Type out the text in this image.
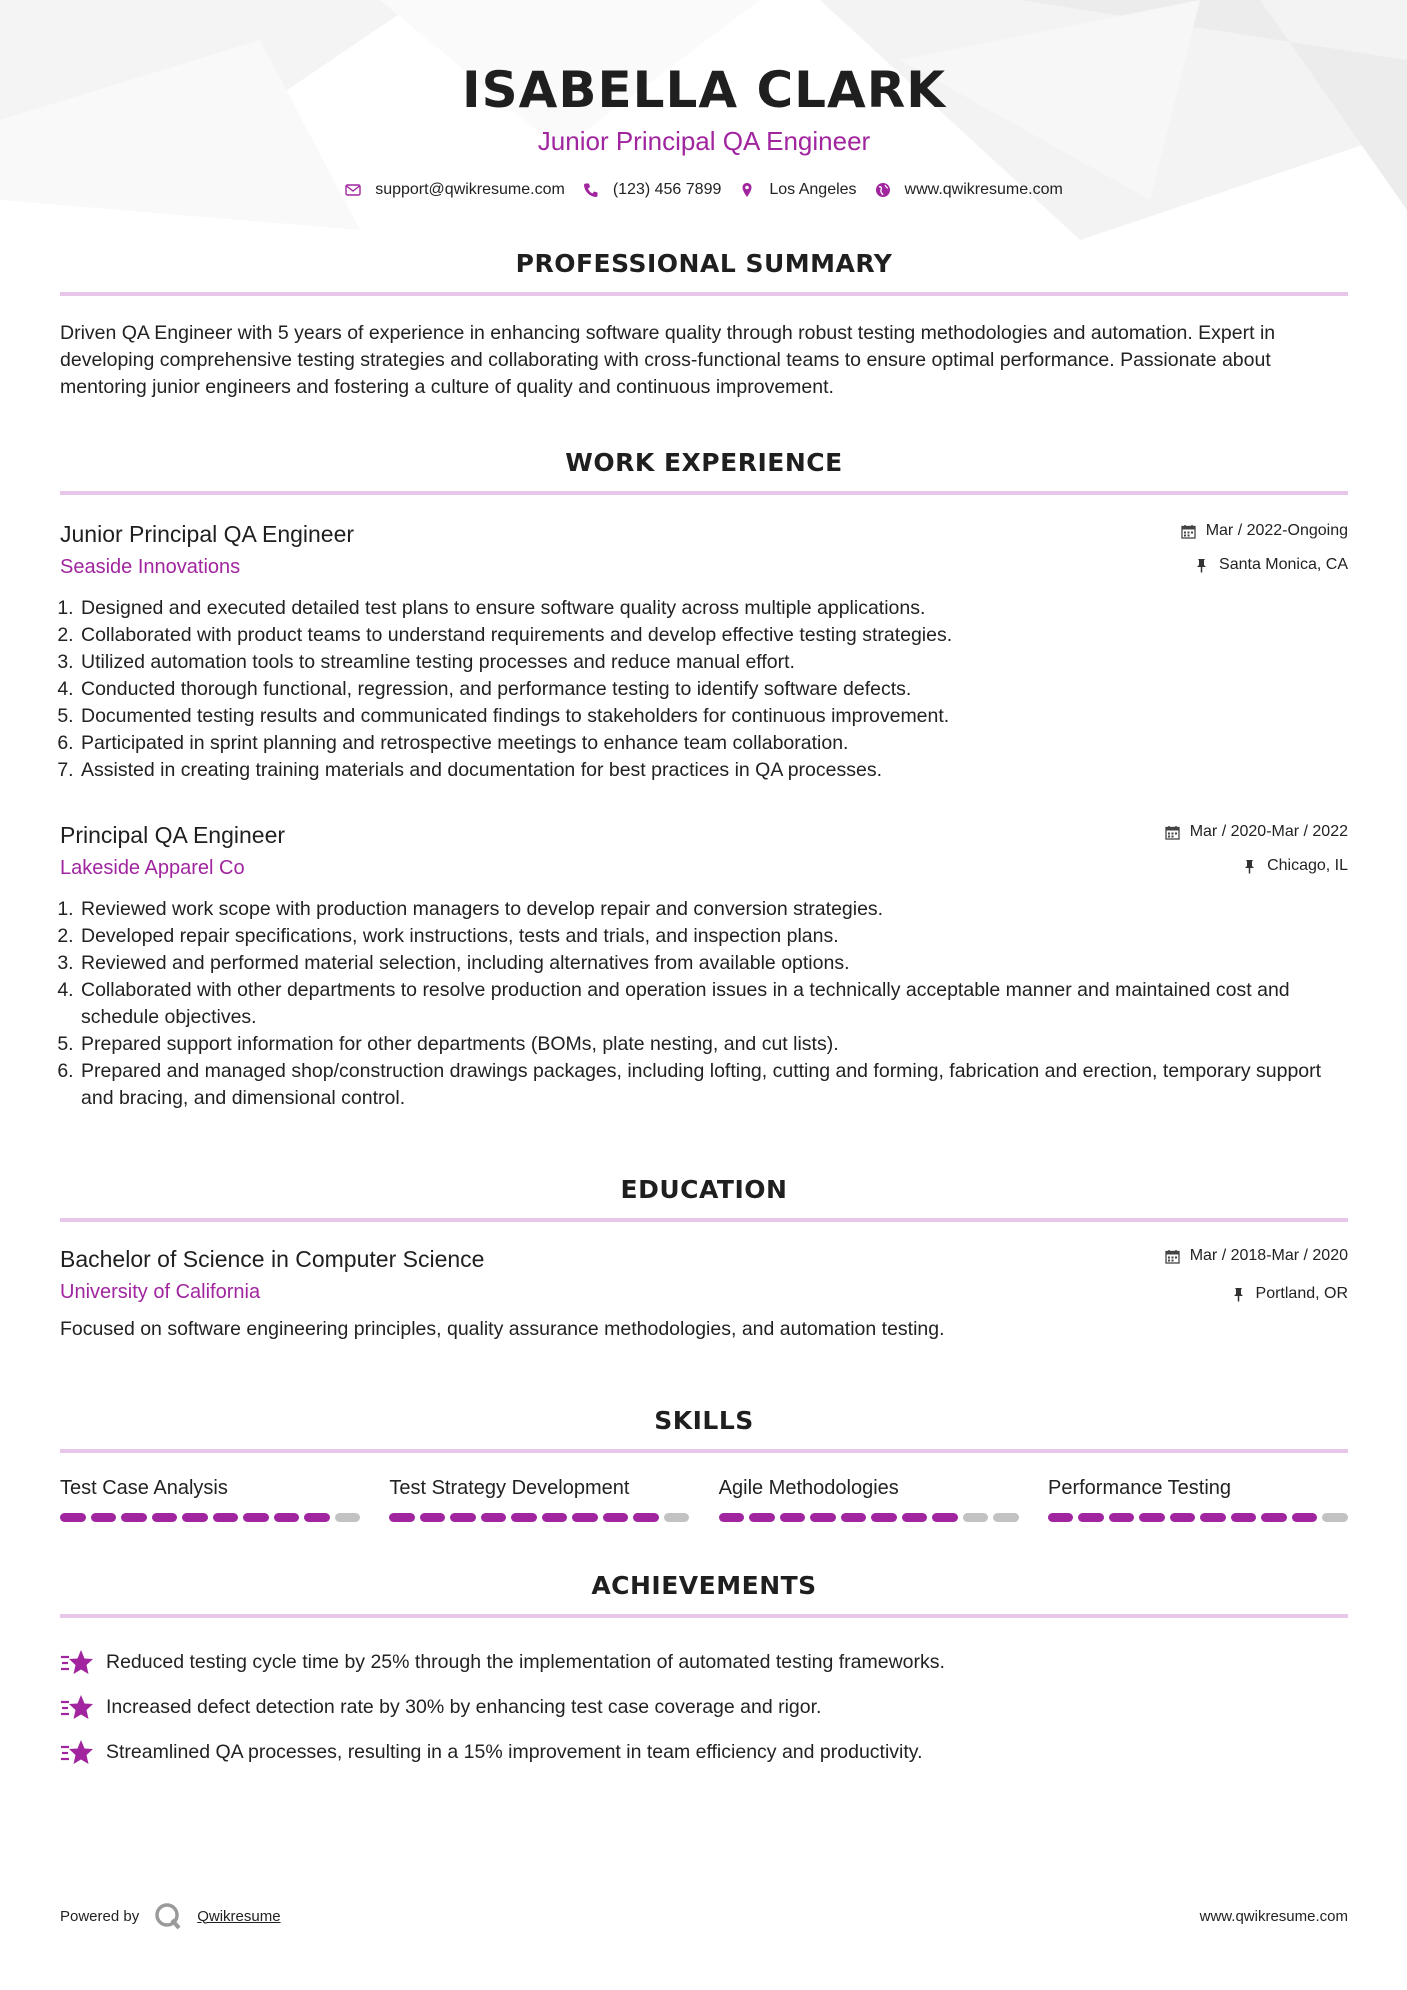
ISABELLA CLARK
Junior Principal QA Engineer
support@qwikresume.com	(123) 456 7899	Los Angeles	www.qwikresume.com
PROFESSIONAL SUMMARY
Driven QA Engineer with 5 years of experience in enhancing software quality through robust testing methodologies and automation. Expert in developing comprehensive testing strategies and collaborating with cross-functional teams to ensure optimal performance. Passionate about mentoring junior engineers and fostering a culture of quality and continuous improvement.
WORK EXPERIENCE
Junior Principal QA Engineer
Seaside Innovations
Mar / 2022-Ongoing
Santa Monica, CA
1. Designed and executed detailed test plans to ensure software quality across multiple applications.
2. Collaborated with product teams to understand requirements and develop effective testing strategies.
3. Utilized automation tools to streamline testing processes and reduce manual effort.
4. Conducted thorough functional, regression, and performance testing to identify software defects.
5. Documented testing results and communicated findings to stakeholders for continuous improvement.
6. Participated in sprint planning and retrospective meetings to enhance team collaboration.
7. Assisted in creating training materials and documentation for best practices in QA processes.
Principal QA Engineer
Lakeside Apparel Co
Mar / 2020-Mar / 2022
Chicago, IL
1. Reviewed work scope with production managers to develop repair and conversion strategies.
2. Developed repair specifications, work instructions, tests and trials, and inspection plans.
3. Reviewed and performed material selection, including alternatives from available options.
4. Collaborated with other departments to resolve production and operation issues in a technically acceptable manner and maintained cost and schedule objectives.
5. Prepared support information for other departments (BOMs, plate nesting, and cut lists).
6. Prepared and managed shop/construction drawings packages, including lofting, cutting and forming, fabrication and erection, temporary support and bracing, and dimensional control.
EDUCATION
Bachelor of Science in Computer Science
University of California
Mar / 2018-Mar / 2020
Portland, OR
Focused on software engineering principles, quality assurance methodologies, and automation testing.
SKILLS
Test Case Analysis	Test Strategy Development	Agile Methodologies	Performance Testing
ACHIEVEMENTS
Reduced testing cycle time by 25% through the implementation of automated testing frameworks.
Increased defect detection rate by 30% by enhancing test case coverage and rigor.
Streamlined QA processes, resulting in a 15% improvement in team efficiency and productivity.
Powered by	Qwikresume	www.qwikresume.com
